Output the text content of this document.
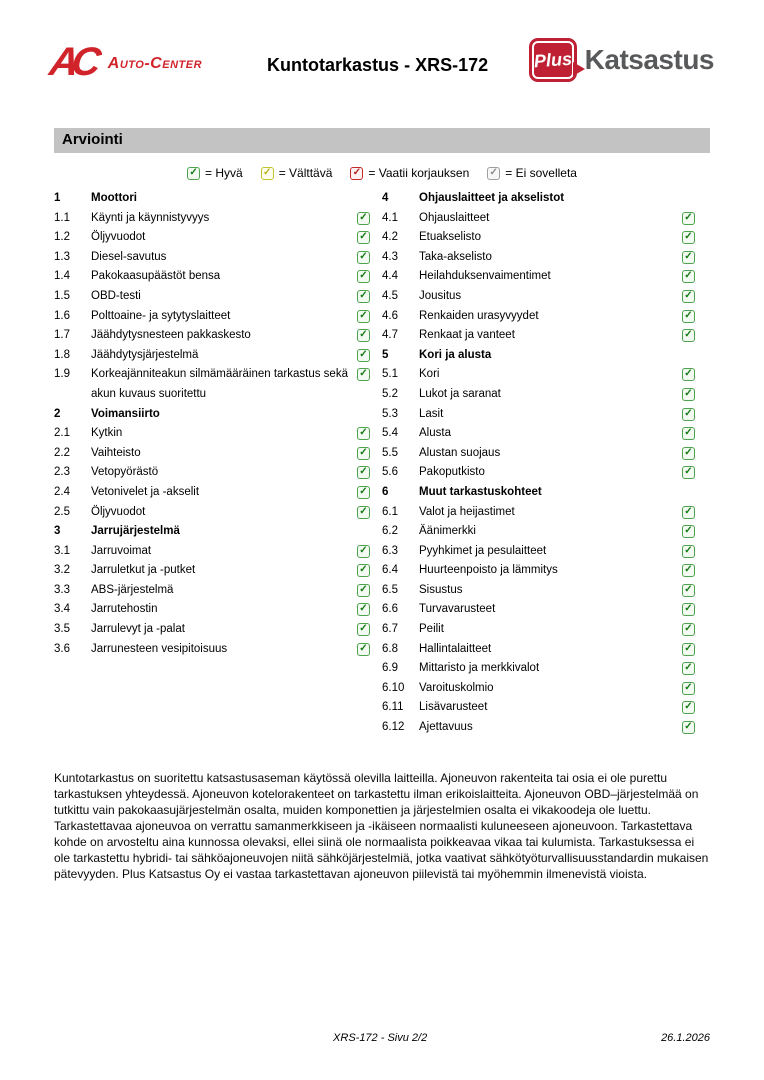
AC Auto-Center	Kuntotarkastus - XRS-172 Plus Katsastus
Arviointi
✓ = Hyvä ✓ = Välttävä ✓ = Vaatii korjauksen ✓ = Ei sovelleta
1	Moottori
1.1	Käynti ja käynnistyvyys	✓
1.2	Öljyvuodot	✓
1.3	Diesel-savutus	✓
1.4	Pakokaasupäästöt bensa	✓
1.5	OBD-testi	✓
1.6	Polttoaine- ja sytytyslaitteet	✓
1.7	Jäähdytysnesteen pakkaskesto	✓
1.8	Jäähdytysjärjestelmä	✓
1.9	Korkeajänniteakun silmämääräinen tarkastus sekä akun kuvaus suoritettu
✓
2	Voimansiirto
2.1	Kytkin	✓
2.2	Vaihteisto	✓
2.3	Vetopyörästö	✓
2.4	Vetonivelet ja -akselit	✓
2.5	Öljyvuodot	✓
3	Jarrujärjestelmä
3.1	Jarruvoimat	✓
3.2	Jarruletkut ja -putket	✓
3.3	ABS-järjestelmä	✓
3.4	Jarrutehostin	✓
3.5	Jarrulevyt ja -palat	✓
3.6	Jarrunesteen vesipitoisuus	✓
4	Ohjauslaitteet ja akselistot
4.1	Ohjauslaitteet	✓
4.2	Etuakselisto	✓
4.3	Taka-akselisto	✓
4.4	Heilahduksenvaimentimet	✓
4.5	Jousitus	✓
4.6	Renkaiden urasyvyydet	✓
4.7	Renkaat ja vanteet	✓
5	Kori ja alusta
5.1	Kori	✓
5.2	Lukot ja saranat	✓
5.3	Lasit	✓
5.4	Alusta	✓
5.5	Alustan suojaus	✓
5.6	Pakoputkisto	✓
6	Muut tarkastuskohteet
6.1	Valot ja heijastimet	✓
6.2	Äänimerkki	✓
6.3	Pyyhkimet ja pesulaitteet	✓
6.4	Huurteenpoisto ja lämmitys	✓
6.5	Sisustus	✓
6.6	Turvavarusteet	✓
6.7	Peilit	✓
6.8	Hallintalaitteet	✓
6.9	Mittaristo ja merkkivalot	✓
6.10	Varoituskolmio	✓
6.11	Lisävarusteet	✓
6.12	Ajettavuus	✓

Kuntotarkastus on suoritettu katsastusaseman käytössä olevilla laitteilla. Ajoneuvon rakenteita tai osia ei ole purettu tarkastuksen yhteydessä. Ajoneuvon kotelorakenteet on tarkastettu ilman erikoislaitteita. Ajoneuvon OBD–järjestelmää on tutkittu vain pakokaasujärjestelmän osalta, muiden komponettien ja järjestelmien osalta ei vikakoodeja ole luettu. Tarkastettavaa ajoneuvoa on verrattu samanmerkkiseen ja -ikäiseen normaalisti kuluneeseen ajoneuvoon. Tarkastettava kohde on arvosteltu aina kunnossa olevaksi, ellei siinä ole normaalista poikkeavaa vikaa tai kulumista. Tarkastuksessa ei ole tarkastettu hybridi- tai sähköajoneuvojen niitä sähköjärjestelmiä, jotka vaativat sähkötyöturvallisuusstandardin mukaisen pätevyyden. Plus Katsastus Oy ei vastaa tarkastettavan ajoneuvon piilevistä tai myöhemmin ilmenevistä vioista.

XRS-172 - Sivu 2/2	26.1.2026
